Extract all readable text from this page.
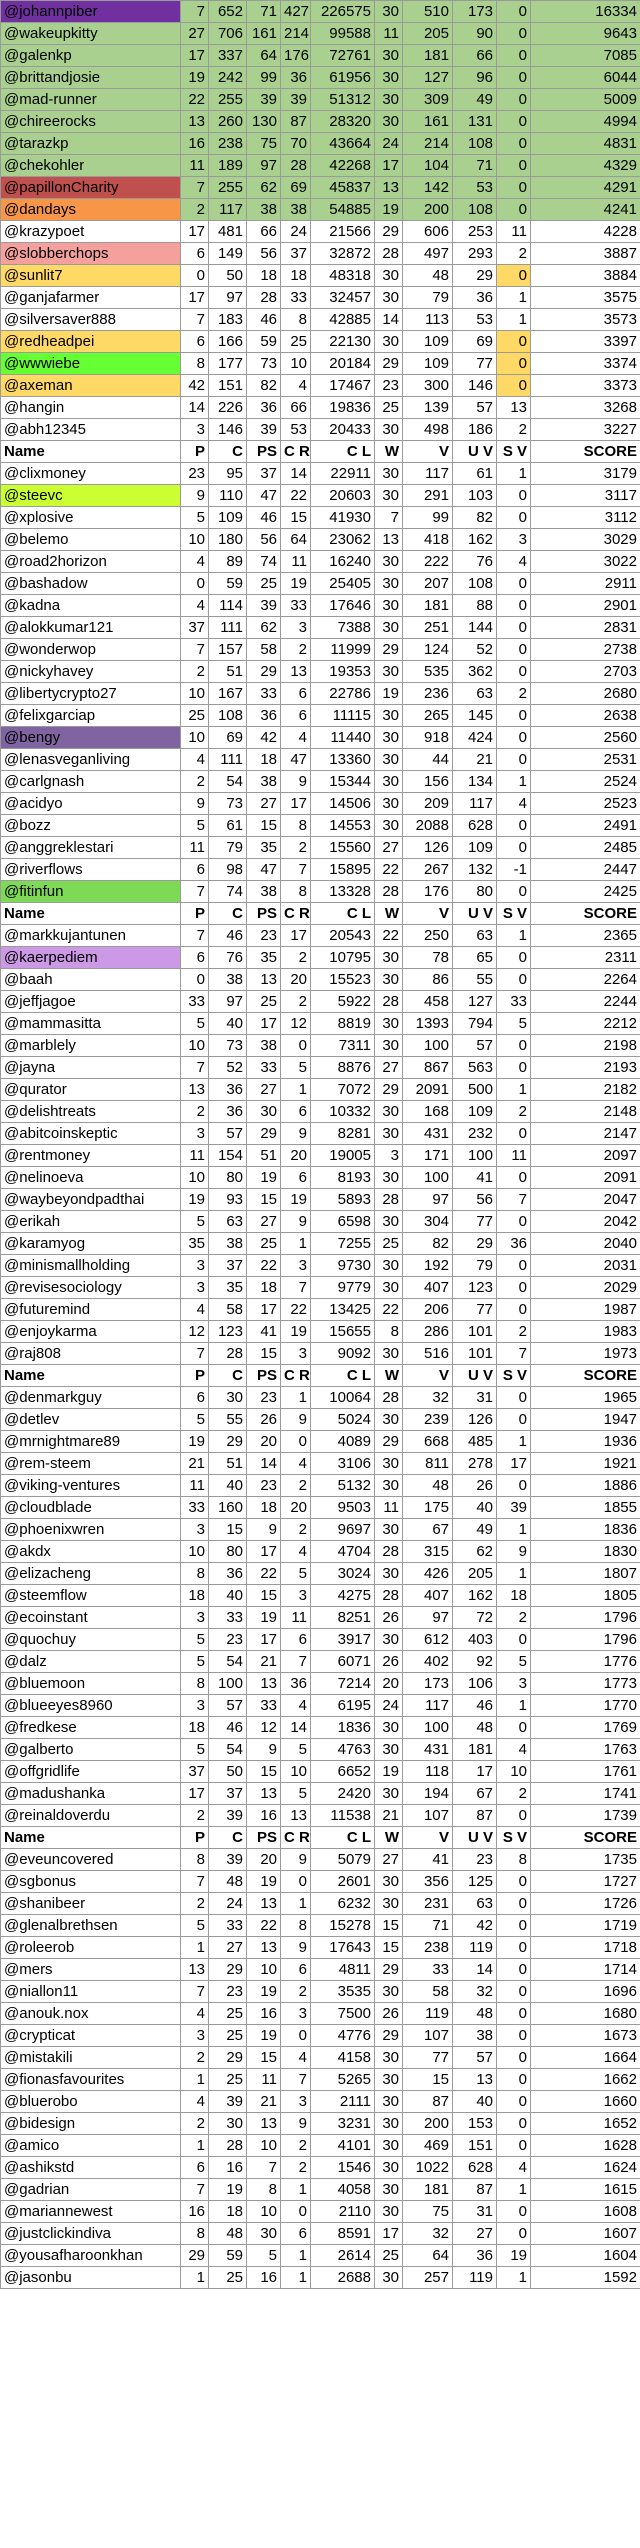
@johannpiber	7	652	71	427	226575	30	510	173	0	16334
@wakeupkitty	27	706	161	214	99588	11	205	90	0	9643
@galenkp	17	337	64	176	72761	30	181	66	0	7085
@brittandjosie	19	242	99	36	61956	30	127	96	0	6044
@mad-runner	22	255	39	39	51312	30	309	49	0	5009
@chireerocks	13	260	130	87	28320	30	161	131	0	4994
@tarazkp	16	238	75	70	43664	24	214	108	0	4831
@chekohler	11	189	97	28	42268	17	104	71	0	4329
@papillonCharity	7	255	62	69	45837	13	142	53	0	4291
@dandays	2	117	38	38	54885	19	200	108	0	4241
@krazypoet	17	481	66	24	21566	29	606	253	11	4228
@slobberchops	6	149	56	37	32872	28	497	293	2	3887
@sunlit7	0	50	18	18	48318	30	48	29	0	3884
@ganjafarmer	17	97	28	33	32457	30	79	36	1	3575
@silversaver888	7	183	46	8	42885	14	113	53	1	3573
@redheadpei	6	166	59	25	22130	30	109	69	0	3397
@wwwiebe	8	177	73	10	20184	29	109	77	0	3374
@axeman	42	151	82	4	17467	23	300	146	0	3373
@hangin	14	226	36	66	19836	25	139	57	13	3268
@abh12345	3	146	39	53	20433	30	498	186	2	3227
Name	P	C	PS	C R	C L	W	V	U V	S V	SCORE
@clixmoney	23	95	37	14	22911	30	117	61	1	3179
@steevc	9	110	47	22	20603	30	291	103	0	3117
@xplosive	5	109	46	15	41930	7	99	82	0	3112
@belemo	10	180	56	64	23062	13	418	162	3	3029
@road2horizon	4	89	74	11	16240	30	222	76	4	3022
@bashadow	0	59	25	19	25405	30	207	108	0	2911
@kadna	4	114	39	33	17646	30	181	88	0	2901
@alokkumar121	37	111	62	3	7388	30	251	144	0	2831
@wonderwop	7	157	58	2	11999	29	124	52	0	2738
@nickyhavey	2	51	29	13	19353	30	535	362	0	2703
@libertycrypto27	10	167	33	6	22786	19	236	63	2	2680
@felixgarciap	25	108	36	6	11115	30	265	145	0	2638
@bengy	10	69	42	4	11440	30	918	424	0	2560
@lenasveganliving	4	111	18	47	13360	30	44	21	0	2531
@carlgnash	2	54	38	9	15344	30	156	134	1	2524
@acidyo	9	73	27	17	14506	30	209	117	4	2523
@bozz	5	61	15	8	14553	30	2088	628	0	2491
@anggreklestari	11	79	35	2	15560	27	126	109	0	2485
@riverflows	6	98	47	7	15895	22	267	132	-1	2447
@fitinfun	7	74	38	8	13328	28	176	80	0	2425
Name	P	C	PS	C R	C L	W	V	U V	S V	SCORE
@markkujantunen	7	46	23	17	20543	22	250	63	1	2365
@kaerpediem	6	76	35	2	10795	30	78	65	0	2311
@baah	0	38	13	20	15523	30	86	55	0	2264
@jeffjagoe	33	97	25	2	5922	28	458	127	33	2244
@mammasitta	5	40	17	12	8819	30	1393	794	5	2212
@marblely	10	73	38	0	7311	30	100	57	0	2198
@jayna	7	52	33	5	8876	27	867	563	0	2193
@qurator	13	36	27	1	7072	29	2091	500	1	2182
@delishtreats	2	36	30	6	10332	30	168	109	2	2148
@abitcoinskeptic	3	57	29	9	8281	30	431	232	0	2147
@rentmoney	11	154	51	20	19005	3	171	100	11	2097
@nelinoeva	10	80	19	6	8193	30	100	41	0	2091
@waybeyondpadthai	19	93	15	19	5893	28	97	56	7	2047
@erikah	5	63	27	9	6598	30	304	77	0	2042
@karamyog	35	38	25	1	7255	25	82	29	36	2040
@minismallholding	3	37	22	3	9730	30	192	79	0	2031
@revisesociology	3	35	18	7	9779	30	407	123	0	2029
@futuremind	4	58	17	22	13425	22	206	77	0	1987
@enjoykarma	12	123	41	19	15655	8	286	101	2	1983
@raj808	7	28	15	3	9092	30	516	101	7	1973
Name	P	C	PS	C R	C L	W	V	U V	S V	SCORE
@denmarkguy	6	30	23	1	10064	28	32	31	0	1965
@detlev	5	55	26	9	5024	30	239	126	0	1947
@mrnightmare89	19	29	20	0	4089	29	668	485	1	1936
@rem-steem	21	51	14	4	3106	30	811	278	17	1921
@viking-ventures	11	40	23	2	5132	30	48	26	0	1886
@cloudblade	33	160	18	20	9503	11	175	40	39	1855
@phoenixwren	3	15	9	2	9697	30	67	49	1	1836
@akdx	10	80	17	4	4704	28	315	62	9	1830
@elizacheng	8	36	22	5	3024	30	426	205	1	1807
@steemflow	18	40	15	3	4275	28	407	162	18	1805
@ecoinstant	3	33	19	11	8251	26	97	72	2	1796
@quochuy	5	23	17	6	3917	30	612	403	0	1796
@dalz	5	54	21	7	6071	26	402	92	5	1776
@bluemoon	8	100	13	36	7214	20	173	106	3	1773
@blueeyes8960	3	57	33	4	6195	24	117	46	1	1770
@fredkese	18	46	12	14	1836	30	100	48	0	1769
@galberto	5	54	9	5	4763	30	431	181	4	1763
@offgridlife	37	50	15	10	6652	19	118	17	10	1761
@madushanka	17	37	13	5	2420	30	194	67	2	1741
@reinaldoverdu	2	39	16	13	11538	21	107	87	0	1739
Name	P	C	PS	C R	C L	W	V	U V	S V	SCORE
@eveuncovered	8	39	20	9	5079	27	41	23	8	1735
@sgbonus	7	48	19	0	2601	30	356	125	0	1727
@shanibeer	2	24	13	1	6232	30	231	63	0	1726
@glenalbrethsen	5	33	22	8	15278	15	71	42	0	1719
@roleerob	1	27	13	9	17643	15	238	119	0	1718
@mers	13	29	10	6	4811	29	33	14	0	1714
@niallon11	7	23	19	2	3535	30	58	32	0	1696
@anouk.nox	4	25	16	3	7500	26	119	48	0	1680
@crypticat	3	25	19	0	4776	29	107	38	0	1673
@mistakili	2	29	15	4	4158	30	77	57	0	1664
@fionasfavourites	1	25	11	7	5265	30	15	13	0	1662
@bluerobo	4	39	21	3	2111	30	87	40	0	1660
@bidesign	2	30	13	9	3231	30	200	153	0	1652
@amico	1	28	10	2	4101	30	469	151	0	1628
@ashikstd	6	16	7	2	1546	30	1022	628	4	1624
@gadrian	7	19	8	1	4058	30	181	87	1	1615
@mariannewest	16	18	10	0	2110	30	75	31	0	1608
@justclickindiva	8	48	30	6	8591	17	32	27	0	1607
@yousafharoonkhan	29	59	5	1	2614	25	64	36	19	1604
@jasonbu	1	25	16	1	2688	30	257	119	1	1592
